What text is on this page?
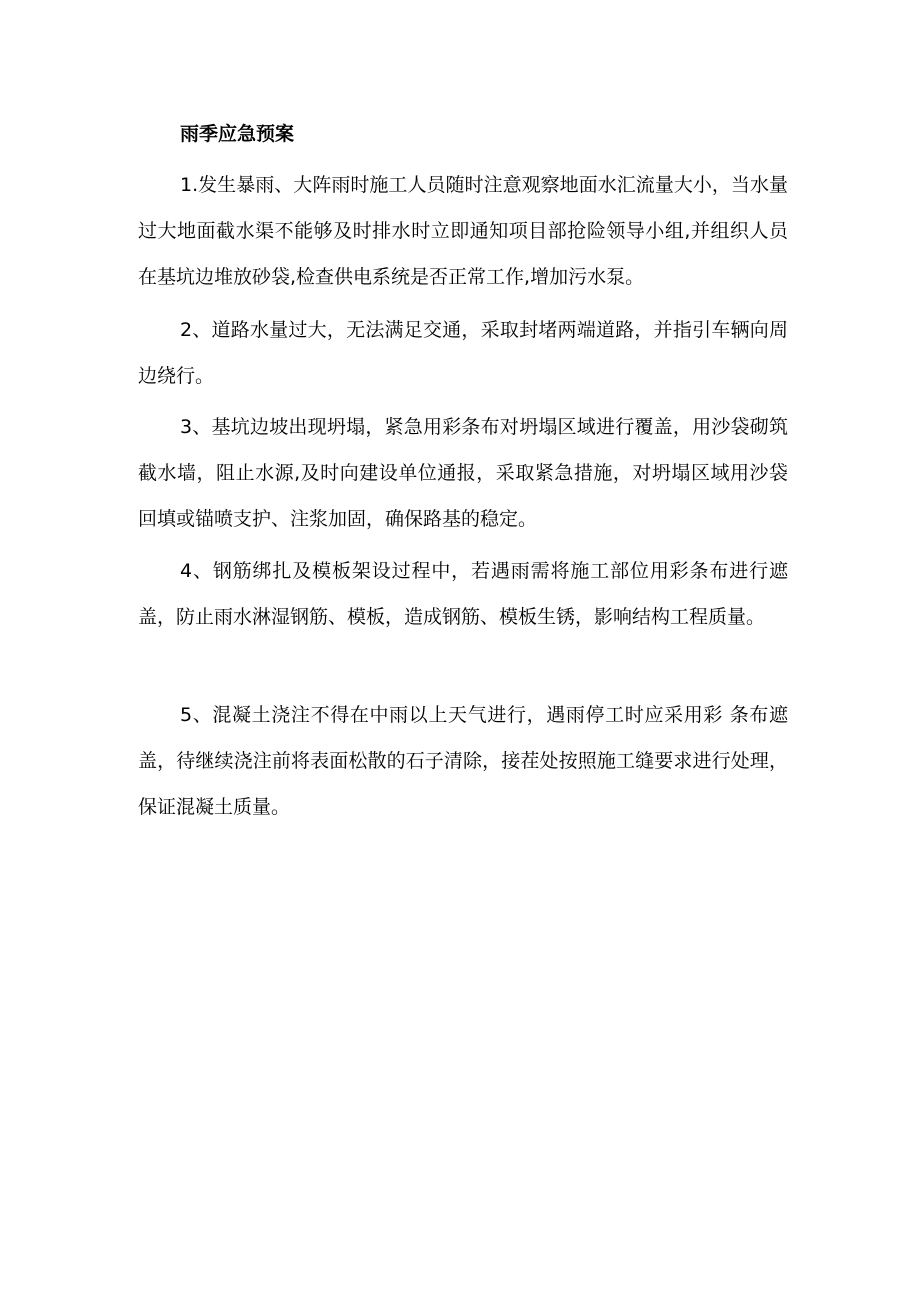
雨季应急预案
1.发生暴雨、大阵雨时施工人员随时注意观察地面水汇流量大小，当水量过大地面截水渠不能够及时排水时立即通知项目部抢险领导小组,并组织人员在基坑边堆放砂袋,检查供电系统是否正常工作,增加污水泵。
2、道路水量过大，无法满足交通，采取封堵两端道路，并指引车辆向周边绕行。
3、基坑边坡出现坍塌，紧急用彩条布对坍塌区域进行覆盖，用沙袋砌筑截水墙，阻止水源,及时向建设单位通报，采取紧急措施，对坍塌区域用沙袋回填或锚喷支护、注浆加固，确保路基的稳定。
4、钢筋绑扎及模板架设过程中，若遇雨需将施工部位用彩条布进行遮盖，防止雨水淋湿钢筋、模板，造成钢筋、模板生锈，影响结构工程质量。
5、混凝土浇注不得在中雨以上天气进行，遇雨停工时应采用彩 条布遮盖，待继续浇注前将表面松散的石子清除，接茬处按照施工缝要求进行处理，保证混凝土质量。
